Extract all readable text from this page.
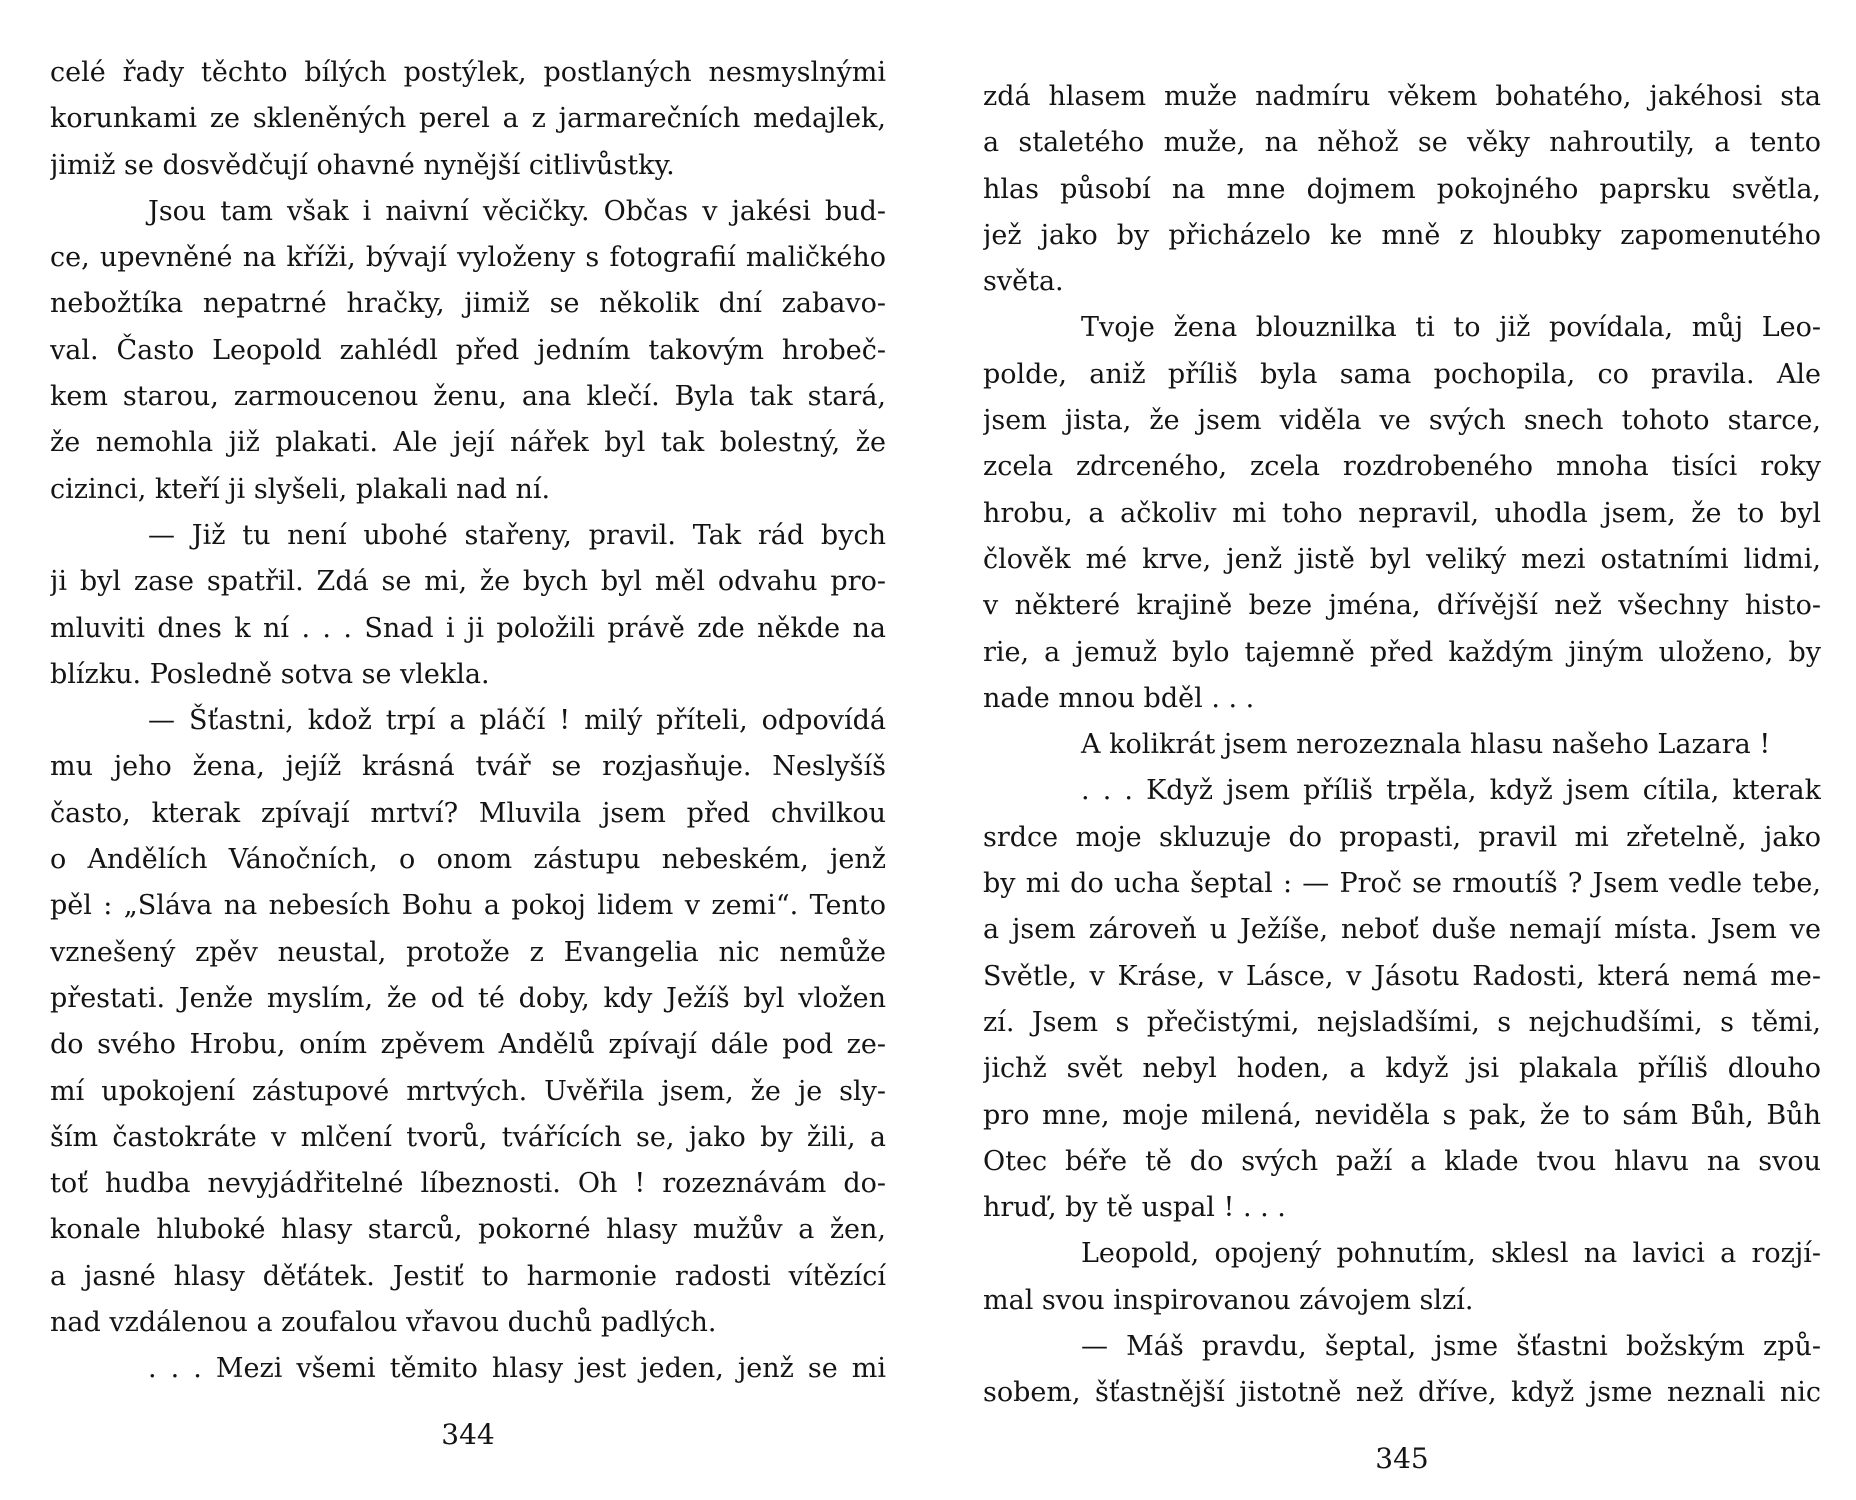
celé řady těchto bílých postýlek, postlaných nesmyslnými
korunkami ze skleněných perel a z jarmarečních medajlek,
jimiž se dosvědčují ohavné nynější citlivůstky.
Jsou tam však i naivní věcičky. Občas v jakési bud-
ce, upevněné na kříži, bývají vyloženy s fotografií maličkého
nebožtíka nepatrné hračky, jimiž se několik dní zabavo-
val. Často Leopold zahlédl před jedním takovým hrobeč-
kem starou, zarmoucenou ženu, ana klečí. Byla tak stará,
že nemohla již plakati. Ale její nářek byl tak bolestný, že
cizinci, kteří ji slyšeli, plakali nad ní.
— Již tu není ubohé stařeny, pravil. Tak rád bych
ji byl zase spatřil. Zdá se mi, že bych byl měl odvahu pro-
mluviti dnes k ní . . . Snad i ji položili právě zde někde na
blízku. Posledně sotva se vlekla.
— Šťastni, kdož trpí a pláčí ! milý příteli, odpovídá
mu jeho žena, jejíž krásná tvář se rozjasňuje. Neslyšíš
často, kterak zpívají mrtví? Mluvila jsem před chvilkou
o Andělích Vánočních, o onom zástupu nebeském, jenž
pěl : „Sláva na nebesích Bohu a pokoj lidem v zemi“. Tento
vznešený zpěv neustal, protože z Evangelia nic nemůže
přestati. Jenže myslím, že od té doby, kdy Ježíš byl vložen
do svého Hrobu, oním zpěvem Andělů zpívají dále pod ze-
mí upokojení zástupové mrtvých. Uvěřila jsem, že je sly-
ším častokráte v mlčení tvorů, tvářících se, jako by žili, a
toť hudba nevyjádřitelné líbeznosti. Oh ! rozeznávám do-
konale hluboké hlasy starců, pokorné hlasy mužův a žen,
a jasné hlasy děťátek. Jestiť to harmonie radosti vítězící
nad vzdálenou a zoufalou vřavou duchů padlých.
. . . Mezi všemi těmito hlasy jest jeden, jenž se mi
344
zdá hlasem muže nadmíru věkem bohatého, jakéhosi sta
a staletého muže, na něhož se věky nahroutily, a tento
hlas působí na mne dojmem pokojného paprsku světla,
jež jako by přicházelo ke mně z hloubky zapomenutého
světa.
Tvoje žena blouznilka ti to již povídala, můj Leo-
polde, aniž příliš byla sama pochopila, co pravila. Ale
jsem jista, že jsem viděla ve svých snech tohoto starce,
zcela zdrceného, zcela rozdrobeného mnoha tisíci roky
hrobu, a ačkoliv mi toho nepravil, uhodla jsem, že to byl
člověk mé krve, jenž jistě byl veliký mezi ostatními lidmi,
v některé krajině beze jména, dřívější než všechny histo-
rie, a jemuž bylo tajemně před každým jiným uloženo, by
nade mnou bděl . . .
A kolikrát jsem nerozeznala hlasu našeho Lazara !
. . . Když jsem příliš trpěla, když jsem cítila, kterak
srdce moje skluzuje do propasti, pravil mi zřetelně, jako
by mi do ucha šeptal : — Proč se rmoutíš ? Jsem vedle tebe,
a jsem zároveň u Ježíše, neboť duše nemají místa. Jsem ve
Světle, v Kráse, v Lásce, v Jásotu Radosti, která nemá me-
zí. Jsem s přečistými, nejsladšími, s nejchudšími, s těmi,
jichž svět nebyl hoden, a když jsi plakala příliš dlouho
pro mne, moje milená, neviděla s pak, že to sám Bůh, Bůh
Otec béře tě do svých paží a klade tvou hlavu na svou
hruď, by tě uspal ! . . .
Leopold, opojený pohnutím, sklesl na lavici a rozjí-
mal svou inspirovanou závojem slzí.
— Máš pravdu, šeptal, jsme šťastni božským způ-
sobem, šťastnější jistotně než dříve, když jsme neznali nic
345
